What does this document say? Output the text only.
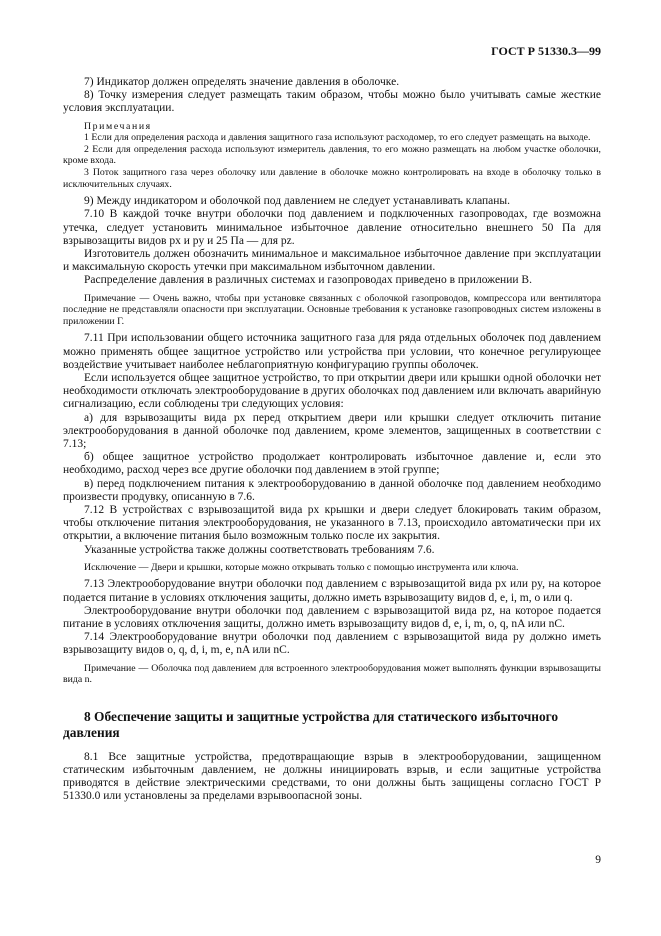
ГОСТ Р 51330.3—99

7) Индикатор должен определять значение давления в оболочке.

8) Точку измерения следует размещать таким образом, чтобы можно было учитывать самые жесткие условия эксплуатации.

Примечания

1 Если для определения расхода и давления защитного газа используют расходомер, то его следует размещать на выходе.

2 Если для определения расхода используют измеритель давления, то его можно размещать на любом участке оболочки, кроме входа.

3 Поток защитного газа через оболочку или давление в оболочке можно контролировать на входе в оболочку только в исключительных случаях.

9) Между индикатором и оболочкой под давлением не следует устанавливать клапаны.

7.10 В каждой точке внутри оболочки под давлением и подключенных газопроводах, где возможна утечка, следует установить минимальное избыточное давление относительно внешнего 50 Па для взрывозащиты видов px и py и 25 Па — для pz.

Изготовитель должен обозначить минимальное и максимальное избыточное давление при эксплуатации и максимальную скорость утечки при максимальном избыточном давлении.

Распределение давления в различных системах и газопроводах приведено в приложении В.

Примечание — Очень важно, чтобы при установке связанных с оболочкой газопроводов, компрессора или вентилятора последние не представляли опасности при эксплуатации. Основные требования к установке газопроводных систем изложены в приложении Г.

7.11 При использовании общего источника защитного газа для ряда отдельных оболочек под давлением можно применять общее защитное устройство или устройства при условии, что конечное регулирующее воздействие учитывает наиболее неблагоприятную конфигурацию группы оболочек.

Если используется общее защитное устройство, то при открытии двери или крышки одной оболочки нет необходимости отключать электрооборудование в других оболочках под давлением или включать аварийную сигнализацию, если соблюдены три следующих условия:

а) для взрывозащиты вида px перед открытием двери или крышки следует отключить питание электрооборудования в данной оболочке под давлением, кроме элементов, защищенных в соответствии с 7.13;

б) общее защитное устройство продолжает контролировать избыточное давление и, если это необходимо, расход через все другие оболочки под давлением в этой группе;

в) перед подключением питания к электрооборудованию в данной оболочке под давлением необходимо произвести продувку, описанную в 7.6.

7.12 В устройствах с взрывозащитой вида px крышки и двери следует блокировать таким образом, чтобы отключение питания электрооборудования, не указанного в 7.13, происходило автоматически при их открытии, а включение питания было возможным только после их закрытия.

Указанные устройства также должны соответствовать требованиям 7.6.

Исключение — Двери и крышки, которые можно открывать только с помощью инструмента или ключа.

7.13 Электрооборудование внутри оболочки под давлением с взрывозащитой вида px или py, на которое подается питание в условиях отключения защиты, должно иметь взрывозащиту видов d, e, i, m, o или q.

Электрооборудование внутри оболочки под давлением с взрывозащитой вида pz, на которое подается питание в условиях отключения защиты, должно иметь взрывозащиту видов d, e, i, m, o, q, nA или nC.

7.14 Электрооборудование внутри оболочки под давлением с взрывозащитой вида py должно иметь взрывозащиту видов o, q, d, i, m, e, nA или nC.

Примечание — Оболочка под давлением для встроенного электрооборудования может выполнять функции взрывозащиты вида n.

8 Обеспечение защиты и защитные устройства для статического избыточного давления

8.1 Все защитные устройства, предотвращающие взрыв в электрооборудовании, защищенном статическим избыточным давлением, не должны инициировать взрыв, и если защитные устройства приводятся в действие электрическими средствами, то они должны быть защищены согласно ГОСТ Р 51330.0 или установлены за пределами взрывоопасной зоны.

9
